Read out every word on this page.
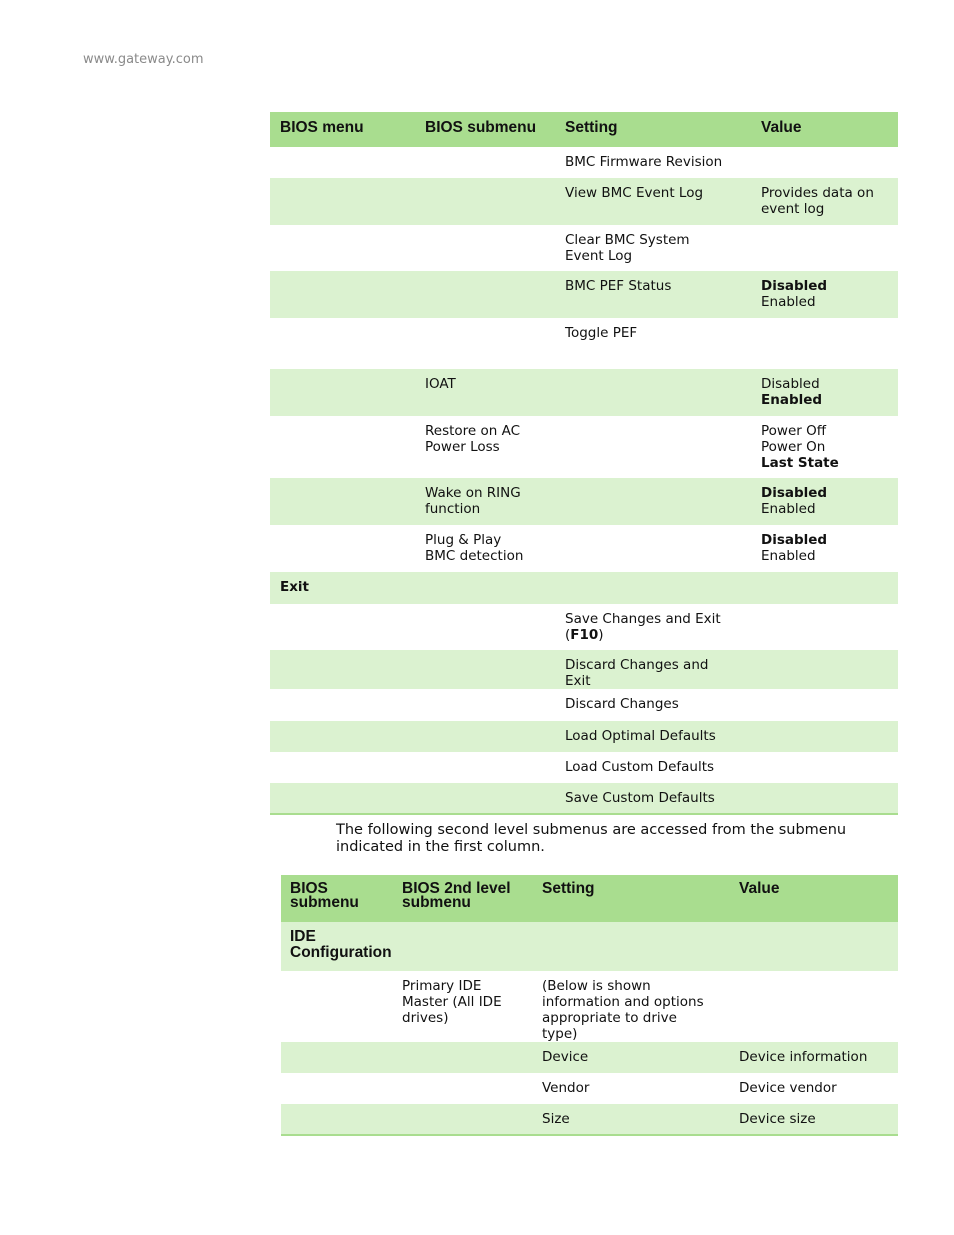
www.gateway.com
BIOS menu	BIOS submenu	Setting	Value
		BMC Firmware Revision	
		View BMC Event Log	Provides data on
event log

		Clear BMC System Event Log	
		BMC PEF Status	Disabled
Enabled

		Toggle PEF	
	IOAT		Disabled
Enabled

	Restore on AC Power Loss		Power Off
Power On
Last State

	Wake on RING function		Disabled
Enabled

	Plug & Play BMC detection		Disabled
Enabled

Exit			
		Save Changes and Exit (F10)	
		Discard Changes and Exit	
		Discard Changes	
		Load Optimal Defaults	
		Load Custom Defaults	
		Save Custom Defaults	
The following second level submenus are accessed from the submenu indicated in the first column.
BIOS submenu	BIOS 2nd level submenu	Setting	Value
IDE Configuration			
	Primary IDE Master (All IDE drives)	(Below is shown information and options appropriate to drive type)	
		Device	Device information
		Vendor	Device vendor
		Size	Device size
